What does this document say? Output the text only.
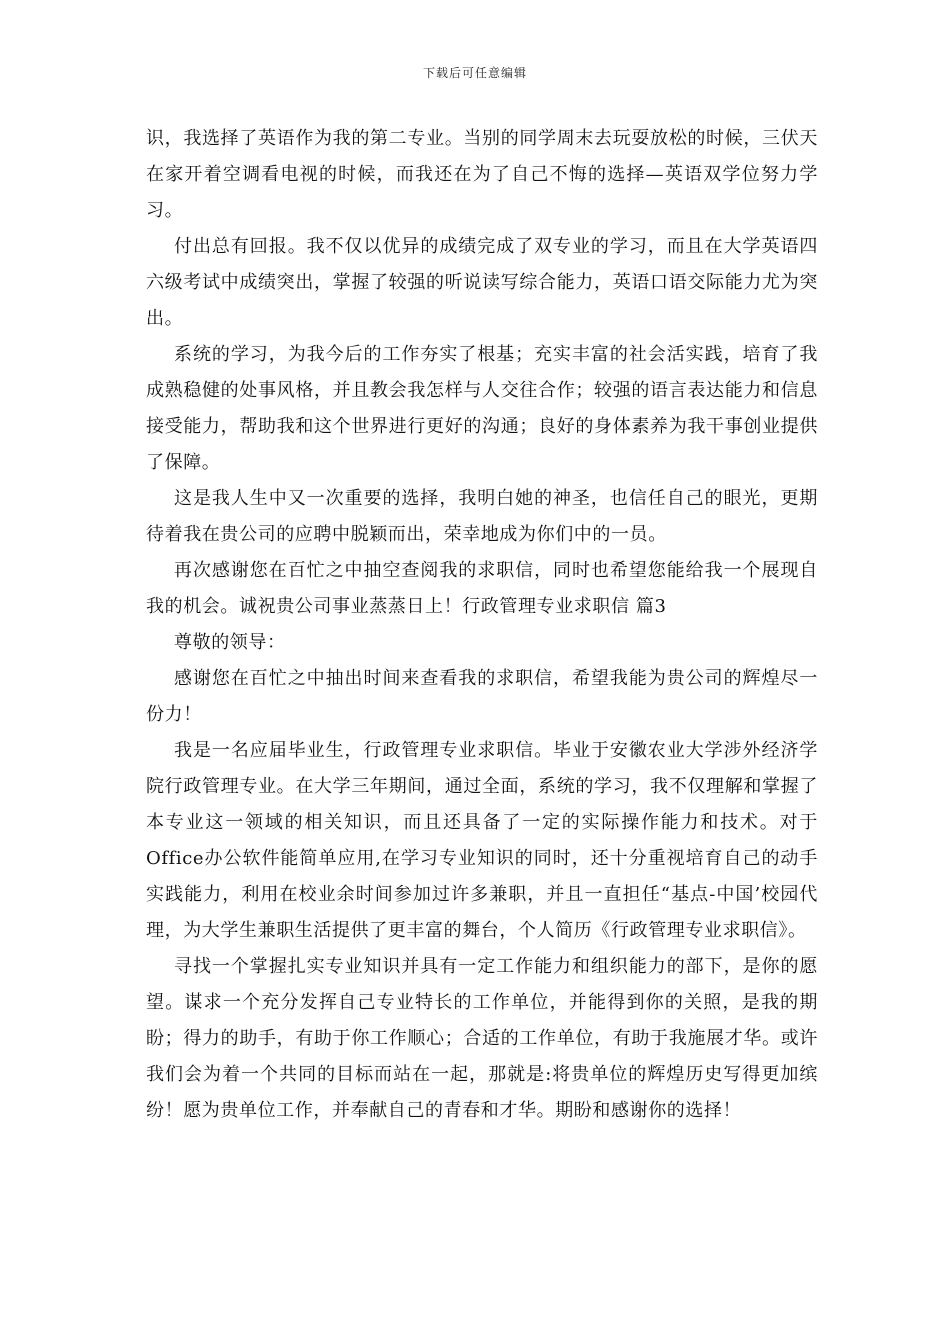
下载后可任意编辑

识，我选择了英语作为我的第二专业。当别的同学周末去玩耍放松的时候，三伏天在家开着空调看电视的时候，而我还在为了自己不悔的选择—英语双学位努力学习。

付出总有回报。我不仅以优异的成绩完成了双专业的学习，而且在大学英语四六级考试中成绩突出，掌握了较强的听说读写综合能力，英语口语交际能力尤为突出。

系统的学习，为我今后的工作夯实了根基；充实丰富的社会活实践，培育了我成熟稳健的处事风格，并且教会我怎样与人交往合作；较强的语言表达能力和信息接受能力，帮助我和这个世界进行更好的沟通；良好的身体素养为我干事创业提供了保障。

这是我人生中又一次重要的选择，我明白她的神圣，也信任自己的眼光，更期待着我在贵公司的应聘中脱颖而出，荣幸地成为你们中的一员。

再次感谢您在百忙之中抽空查阅我的求职信，同时也希望您能给我一个展现自我的机会。诚祝贵公司事业蒸蒸日上！行政管理专业求职信 篇3

尊敬的领导：

感谢您在百忙之中抽出时间来查看我的求职信，希望我能为贵公司的辉煌尽一份力！

我是一名应届毕业生，行政管理专业求职信。毕业于安徽农业大学涉外经济学院行政管理专业。在大学三年期间，通过全面，系统的学习，我不仅理解和掌握了本专业这一领域的相关知识，而且还具备了一定的实际操作能力和技术。对于Office办公软件能简单应用,在学习专业知识的同时，还十分重视培育自己的动手实践能力，利用在校业余时间参加过许多兼职，并且一直担任“基点-中国’校园代理，为大学生兼职生活提供了更丰富的舞台，个人简历《行政管理专业求职信》。

寻找一个掌握扎实专业知识并具有一定工作能力和组织能力的部下，是你的愿望。谋求一个充分发挥自己专业特长的工作单位，并能得到你的关照，是我的期盼；得力的助手，有助于你工作顺心；合适的工作单位，有助于我施展才华。或许我们会为着一个共同的目标而站在一起，那就是:将贵单位的辉煌历史写得更加缤纷！愿为贵单位工作，并奉献自己的青春和才华。期盼和感谢你的选择！
